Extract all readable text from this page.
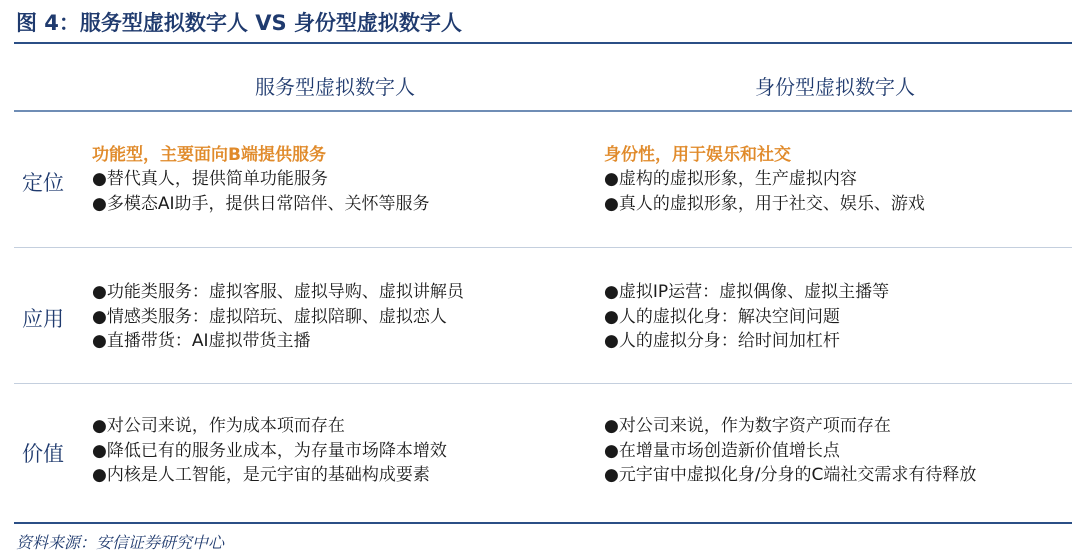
图 4：服务型虚拟数字人 VS 身份型虚拟数字人
服务型虚拟数字人	身份型虚拟数字人
定位
功能型，主要面向B端提供服务
●替代真人，提供简单功能服务
●多模态AI助手，提供日常陪伴、关怀等服务
身份性，用于娱乐和社交
●虚构的虚拟形象，生产虚拟内容
●真人的虚拟形象，用于社交、娱乐、游戏
应用
●功能类服务：虚拟客服、虚拟导购、虚拟讲解员
●情感类服务：虚拟陪玩、虚拟陪聊、虚拟恋人
●直播带货：AI虚拟带货主播
●虚拟IP运营：虚拟偶像、虚拟主播等
●人的虚拟化身：解决空间问题
●人的虚拟分身：给时间加杠杆
价值
●对公司来说，作为成本项而存在
●降低已有的服务业成本，为存量市场降本增效
●内核是人工智能，是元宇宙的基础构成要素
●对公司来说，作为数字资产项而存在
●在增量市场创造新价值增长点
●元宇宙中虚拟化身/分身的C端社交需求有待释放
资料来源：安信证券研究中心
